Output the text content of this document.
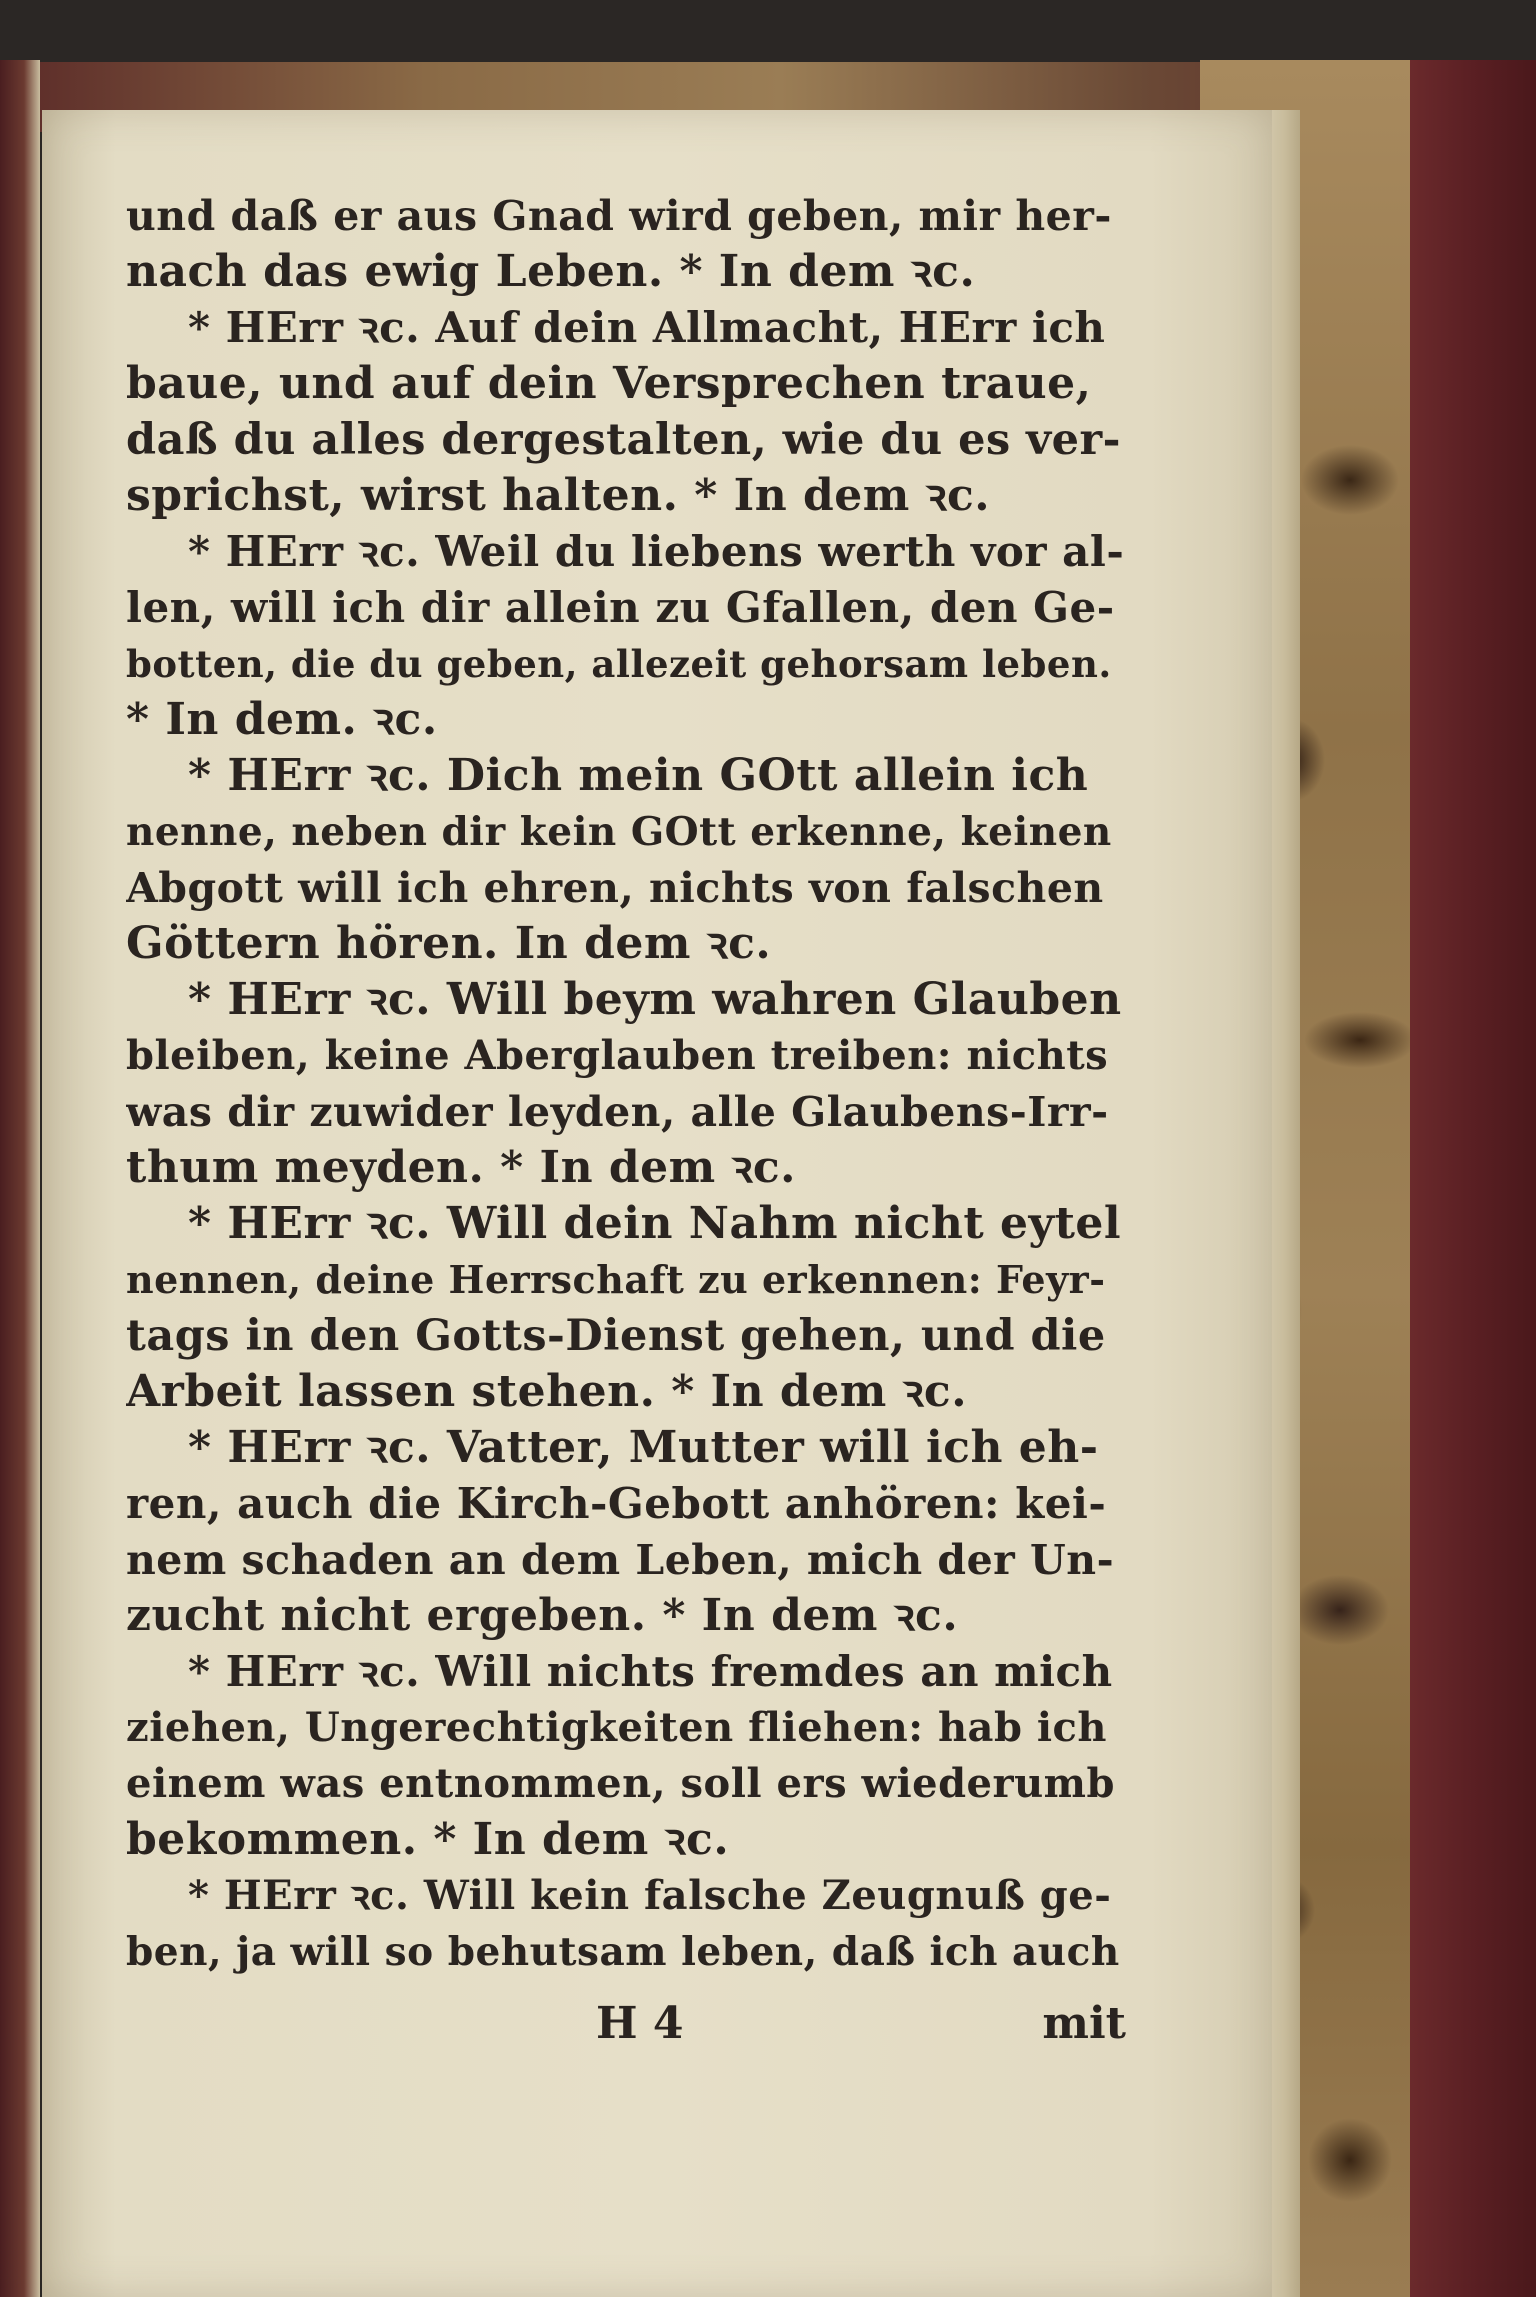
und daß er aus Gnad wird geben, mir her-
nach das ewig Leben. * In dem ꝛc.
* HErr ꝛc. Auf dein Allmacht, HErr ich
baue, und auf dein Versprechen traue,
daß du alles dergestalten, wie du es ver-
sprichst, wirst halten. * In dem ꝛc.
* HErr ꝛc. Weil du liebens werth vor al-
len, will ich dir allein zu Gfallen, den Ge-
botten, die du geben, allezeit gehorsam leben.
* In dem. ꝛc.
* HErr ꝛc. Dich mein GOtt allein ich
nenne, neben dir kein GOtt erkenne, keinen
Abgott will ich ehren, nichts von falschen
Göttern hören. In dem ꝛc.
* HErr ꝛc. Will beym wahren Glauben
bleiben, keine Aberglauben treiben: nichts
was dir zuwider leyden, alle Glaubens-Irr-
thum meyden. * In dem ꝛc.
* HErr ꝛc. Will dein Nahm nicht eytel
nennen, deine Herrschaft zu erkennen: Feyr-
tags in den Gotts-Dienst gehen, und die
Arbeit lassen stehen. * In dem ꝛc.
* HErr ꝛc. Vatter, Mutter will ich eh-
ren, auch die Kirch-Gebott anhören: kei-
nem schaden an dem Leben, mich der Un-
zucht nicht ergeben. * In dem ꝛc.
* HErr ꝛc. Will nichts fremdes an mich
ziehen, Ungerechtigkeiten fliehen: hab ich
einem was entnommen, soll ers wiederumb
bekommen. * In dem ꝛc.
* HErr ꝛc. Will kein falsche Zeugnuß ge-
ben, ja will so behutsam leben, daß ich auch
H 4	mit
